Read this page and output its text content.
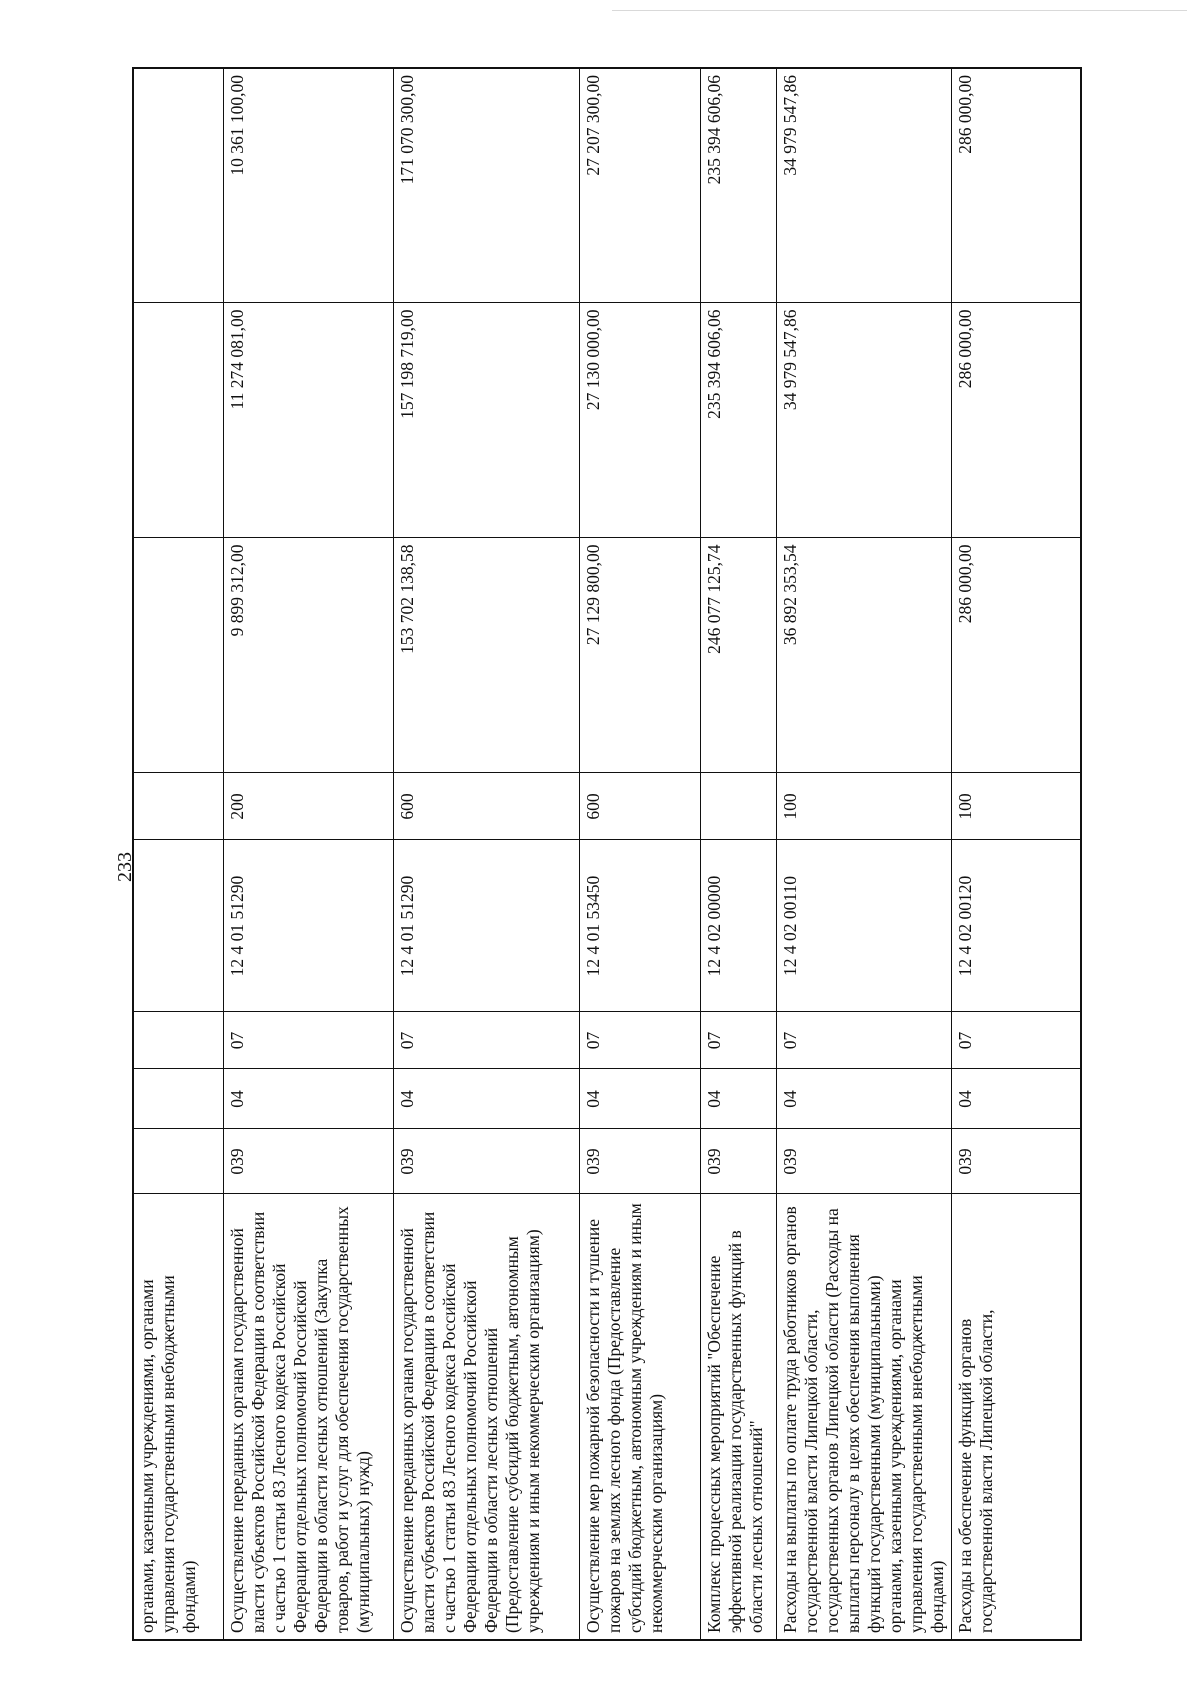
233
органами, казенными учреждениями, органами управления государственными внебюджетными фондами)								
Осуществление переданных органам государственной власти субъектов Российской Федерации в соответствии с частью 1 статьи 83 Лесного кодекса Российской Федерации отдельных полномочий Российской Федерации в области лесных отношений (Закупка товаров, работ и услуг для обеспечения государственных (муниципальных) нужд)	039	04	07	12 4 01 51290	200	9 899 312,00	11 274 081,00	10 361 100,00
Осуществление переданных органам государственной власти субъектов Российской Федерации в соответствии с частью 1 статьи 83 Лесного кодекса Российской Федерации отдельных полномочий Российской Федерации в области лесных отношений (Предоставление субсидий бюджетным, автономным учреждениям и иным некоммерческим организациям)	039	04	07	12 4 01 51290	600	153 702 138,58	157 198 719,00	171 070 300,00
Осуществление мер пожарной безопасности и тушение пожаров на землях лесного фонда (Предоставление субсидий бюджетным, автономным учреждениям и иным некоммерческим организациям)	039	04	07	12 4 01 53450	600	27 129 800,00	27 130 000,00	27 207 300,00
Комплекс процессных мероприятий "Обеспечение эффективной реализации государственных функций в области лесных отношений"	039	04	07	12 4 02 00000		246 077 125,74	235 394 606,06	235 394 606,06
Расходы на выплаты по оплате труда работников органов государственной власти Липецкой области, государственных органов Липецкой области (Расходы на выплаты персоналу в целях обеспечения выполнения функций государственными (муниципальными) органами, казенными учреждениями, органами управления государственными внебюджетными фондами)	039	04	07	12 4 02 00110	100	36 892 353,54	34 979 547,86	34 979 547,86
Расходы на обеспечение функций органов государственной власти Липецкой области,	039	04	07	12 4 02 00120	100	286 000,00	286 000,00	286 000,00
